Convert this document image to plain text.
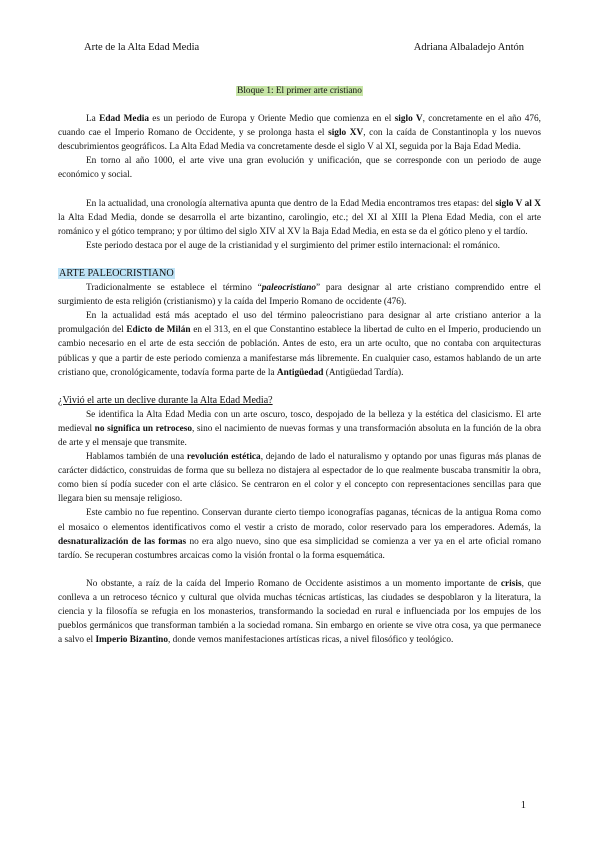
Arte de la Alta Edad Media	Adriana Albaladejo Antón

Bloque 1: El primer arte cristiano

La Edad Media es un periodo de Europa y Oriente Medio que comienza en el siglo V, concretamente en el año 476, cuando cae el Imperio Romano de Occidente, y se prolonga hasta el siglo XV, con la caída de Constantinopla y los nuevos descubrimientos geográficos. La Alta Edad Media va concretamente desde el siglo V al XI, seguida por la Baja Edad Media.

En torno al año 1000, el arte vive una gran evolución y unificación, que se corresponde con un periodo de auge económico y social.

En la actualidad, una cronología alternativa apunta que dentro de la Edad Media encontramos tres etapas: del siglo V al X la Alta Edad Media, donde se desarrolla el arte bizantino, carolingio, etc.; del XI al XIII la Plena Edad Media, con el arte románico y el gótico temprano; y por último del siglo XIV al XV la Baja Edad Media, en esta se da el gótico pleno y el tardío.

Este periodo destaca por el auge de la cristianidad y el surgimiento del primer estilo internacional: el románico.

ARTE PALEOCRISTIANO

Tradicionalmente se establece el término “paleocristiano” para designar al arte cristiano comprendido entre el surgimiento de esta religión (cristianismo) y la caída del Imperio Romano de occidente (476).

En la actualidad está más aceptado el uso del término paleocristiano para designar al arte cristiano anterior a la promulgación del Edicto de Milán en el 313, en el que Constantino establece la libertad de culto en el Imperio, produciendo un cambio necesario en el arte de esta sección de población. Antes de esto, era un arte oculto, que no contaba con arquitecturas públicas y que a partir de este periodo comienza a manifestarse más libremente. En cualquier caso, estamos hablando de un arte cristiano que, cronológicamente, todavía forma parte de la Antigüedad (Antigüedad Tardía).

¿Vivió el arte un declive durante la Alta Edad Media?

Se identifica la Alta Edad Media con un arte oscuro, tosco, despojado de la belleza y la estética del clasicismo. El arte medieval no significa un retroceso, sino el nacimiento de nuevas formas y una transformación absoluta en la función de la obra de arte y el mensaje que transmite.

Hablamos también de una revolución estética, dejando de lado el naturalismo y optando por unas figuras más planas de carácter didáctico, construidas de forma que su belleza no distajera al espectador de lo que realmente buscaba transmitir la obra, como bien sí podía suceder con el arte clásico. Se centraron en el color y el concepto con representaciones sencillas para que llegara bien su mensaje religioso.

Este cambio no fue repentino. Conservan durante cierto tiempo iconografías paganas, técnicas de la antigua Roma como el mosaico o elementos identificativos como el vestir a cristo de morado, color reservado para los emperadores. Además, la desnaturalización de las formas no era algo nuevo, sino que esa simplicidad se comienza a ver ya en el arte oficial romano tardío. Se recuperan costumbres arcaicas como la visión frontal o la forma esquemática.

No obstante, a raíz de la caída del Imperio Romano de Occidente asistimos a un momento importante de crisis, que conlleva a un retroceso técnico y cultural que olvida muchas técnicas artísticas, las ciudades se despoblaron y la literatura, la ciencia y la filosofía se refugia en los monasterios, transformando la sociedad en rural e influenciada por los empujes de los pueblos germánicos que transforman también a la sociedad romana. Sin embargo en oriente se vive otra cosa, ya que permanece a salvo el Imperio Bizantino, donde vemos manifestaciones artísticas ricas, a nivel filosófico y teológico.

1
